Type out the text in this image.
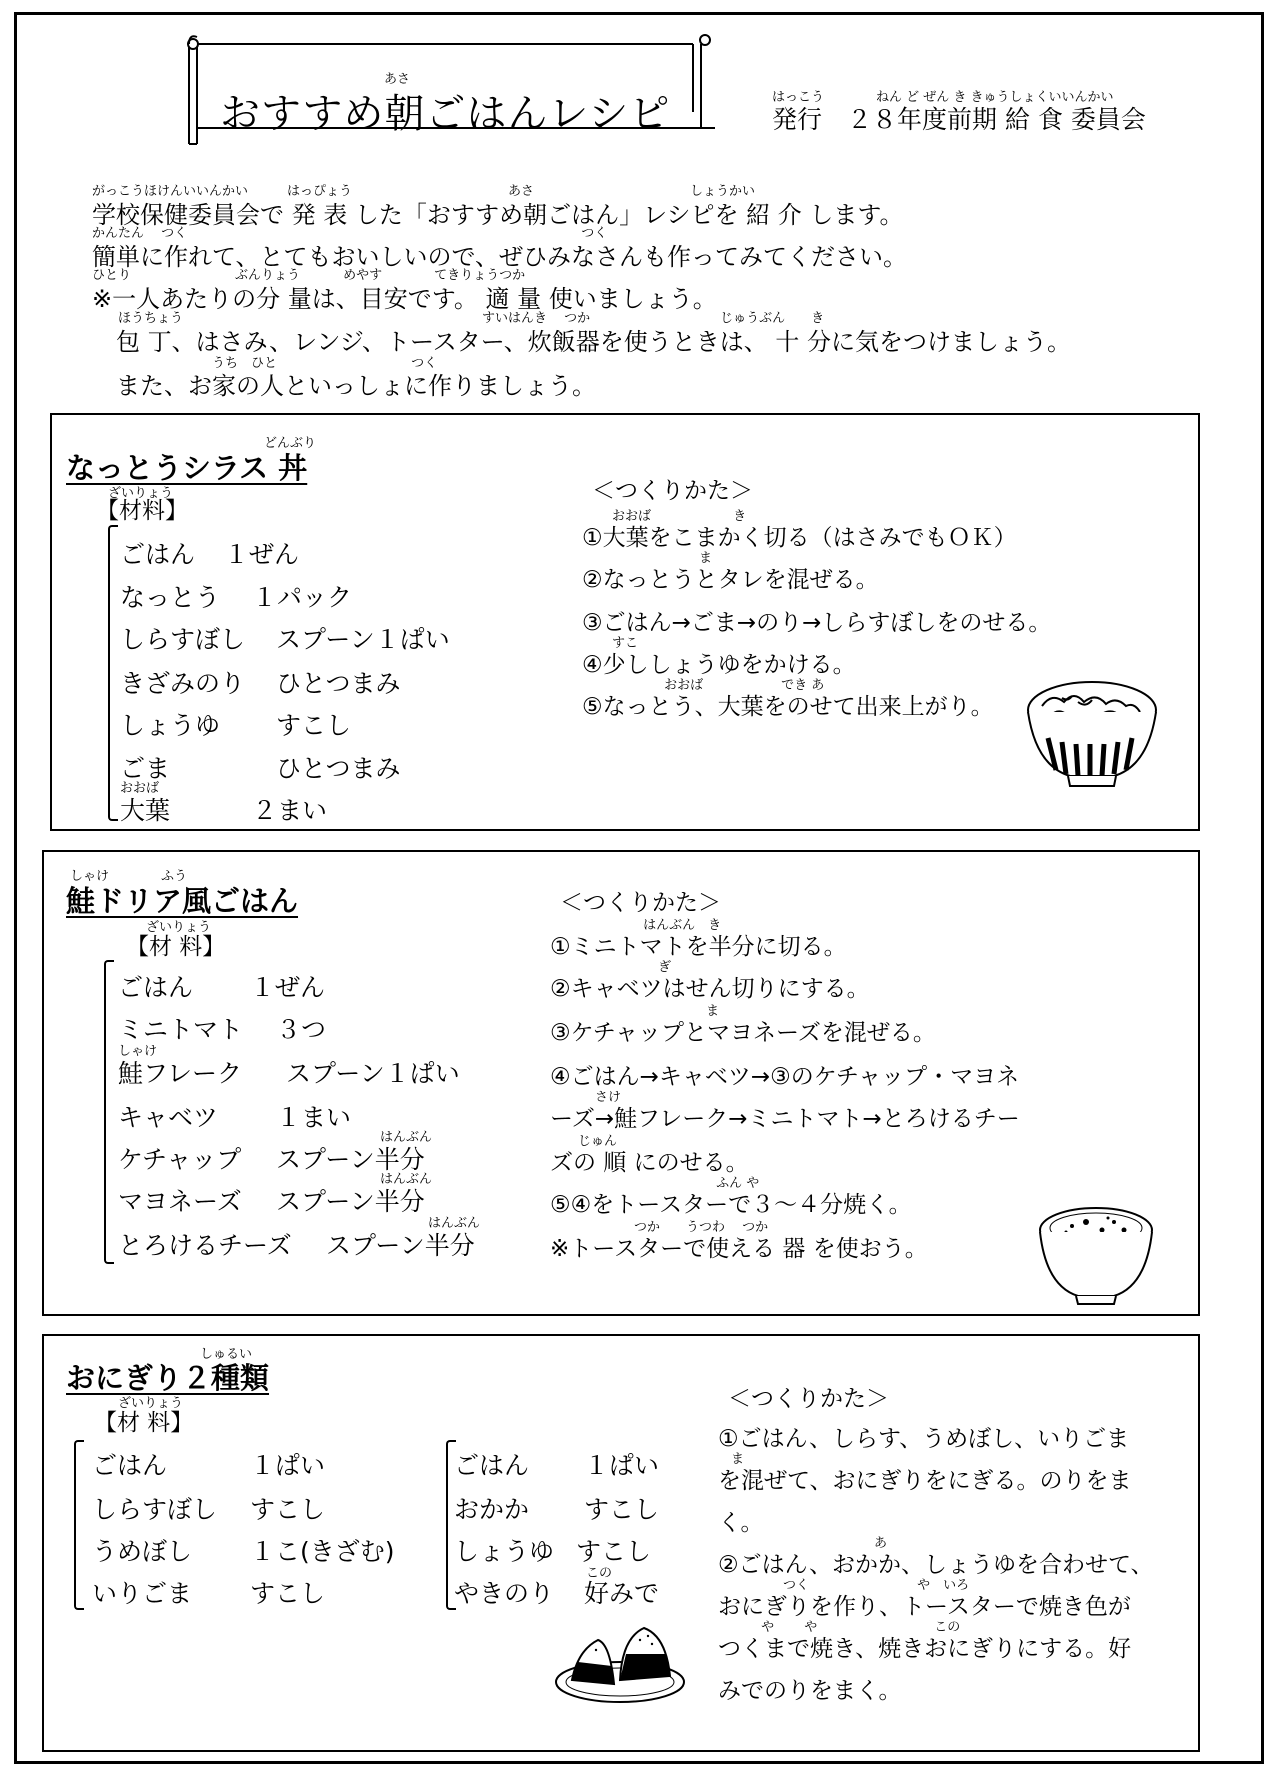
あさ
おすすめ朝ごはんレシピ	はっこう　　　　ねん ど ぜん き きゅうしょくいいんかい
発行　２８年度前期 給 食 委員会
がっこうほけんいいんかい　　　はっぴょう　　　　　　　　　　　　あさ　　　　　　　　　　　　しょうかい
学校保健委員会で 発 表 した「おすすめ朝ごはん」レシピを 紹 介 します。
かんたん　 つく　　　　　　　　　　　　　　　　　　　　　　　　　　　　　　 つく
簡単に作れて、とてもおいしいので、ぜひみなさんも作ってみてください。
ひとり　　　　　　　　ぶんりょう　　　 めやす　　　　てきりょうつか
※一人あたりの分 量は、目安です。 適 量 使いましょう。
ほうちょう　　　　　　　　　　　　　　　　　　　　　　　すいはんき　 つか　　　　　　　　　　じゅうぶん　　き
　包 丁、はさみ、レンジ、トースター、炊飯器を使うときは、 十 分に気をつけましょう。
うち　ひと　　　　　　　　　　 つく
　また、お家の人といっしょに作りましょう。
どんぶり
なっとうシラス 丼
ざいりょう
【材料】
ごはん １ぜん
なっとう １パック
しらすぼし スプーン１ぱい
きざみのり ひとつまみ
しょうゆ すこし
ごま	ひとつまみ
おおば
大葉	２まい
＜つくりかた＞
おおば　　　　　　 き
①大葉をこまかく切る（はさみでもＯＫ）
　　　　　　　　　ま
②なっとうとタレを混ぜる。
③ごはん→ごま→のり→しらすぼしをのせる。
すこ
④少ししょうゆをかける。
　　　　　　 おおば　　　　　　でき あ
⑤なっとう、大葉をのせて出来上がり。
しゃけ　　　　ふう
鮭ドリア風ごはん
ざいりょう
【材 料】
ごはん １ぜん
ミニトマト ３つ
しゃけ
鮭フレーク スプーン１ぱい
キャベツ １まい
はんぶん
ケチャップ スプーン半分
はんぶん
マヨネーズ スプーン半分
はんぶん
とろけるチーズ スプーン半分
＜つくりかた＞
　　　　　　　 はんぶん　き
①ミニトマトを半分に切る。
　　　　　　　　 ぎ
②キャベツはせん切りにする。
　　　　　　　　　　　　ま
③ケチャップとマヨネーズを混ぜる。
④ごはん→キャベツ→③のケチャップ・マヨネ
　　　さけ
ーズ→鮭フレーク→ミニトマト→とろけるチー
　　じゅん
ズの 順 にのせる。
　　　　　　　　　　　　 ふん や
⑤④をトースターで３～４分焼く。
　　　　　　つか　　うつわ　 つか
※トースターで使える 器 を使おう。
しゅるい
おにぎり２種類
ざいりょう
【材 料】
ごはん	１ぱい
しらすぼし すこし
うめぼし １こ(きざむ)
いりごま すこし
ごはん １ぱい
おかか すこし
しょうゆ すこし
やきのり
この
好みで
＜つくりかた＞
①ごはん、しらす、うめぼし、いりごま
　ま
を混ぜて、おにぎりをにぎる。のりをま
く。
　　　　　　　　　　　　あ
②ごはん、おかか、しょうゆを合わせて、
　　　　　つく　　　　　　　　 や　いろ
おにぎりを作り、トースターで焼き色が
　　　 や　　 や　　　　　　　　　この
つくまで焼き、焼きおにぎりにする。好
みでのりをまく。
